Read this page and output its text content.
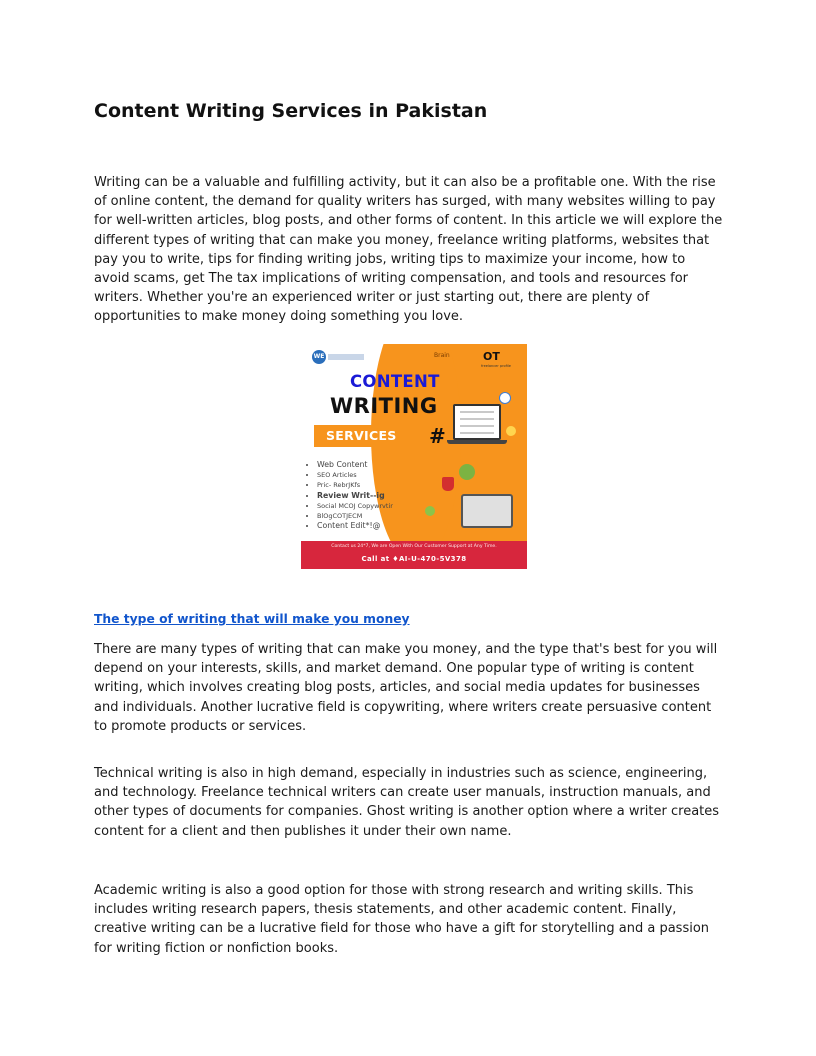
Content Writing Services in Pakistan

Writing can be a valuable and fulfilling activity, but it can also be a profitable one. With the rise of online content, the demand for quality writers has surged, with many websites willing to pay for well-written articles, blog posts, and other forms of content. In this article we will explore the different types of writing that can make you money, freelance writing platforms, websites that pay you to write, tips for finding writing jobs, writing tips to maximize your income, how to avoid scams, get The tax implications of writing compensation, and tools and resources for writers. Whether you're an experienced writer or just starting out, there are plenty of opportunities to make money doing something you love.

WE	Brain	OT
freelancer profile
CONTENT
WRITING
SERVICES #
• Web Content
• SEO Articles
• Pric- RebrJKfs
• Review Writ--ig
• Social MCOJ Copywrvtir
• BlOgCOTJECM
• Content Edit*!@
Contact us 24*7, We are Open With Our Customer Support at Any Time.
Call at ♦AI-U-470-5V378
The type of writing that will make you money

There are many types of writing that can make you money, and the type that's best for you will depend on your interests, skills, and market demand. One popular type of writing is content writing, which involves creating blog posts, articles, and social media updates for businesses and individuals. Another lucrative field is copywriting, where writers create persuasive content to promote products or services.

Technical writing is also in high demand, especially in industries such as science, engineering, and technology. Freelance technical writers can create user manuals, instruction manuals, and other types of documents for companies. Ghost writing is another option where a writer creates content for a client and then publishes it under their own name.

Academic writing is also a good option for those with strong research and writing skills. This includes writing research papers, thesis statements, and other academic content. Finally, creative writing can be a lucrative field for those who have a gift for storytelling and a passion for writing fiction or nonfiction books.
